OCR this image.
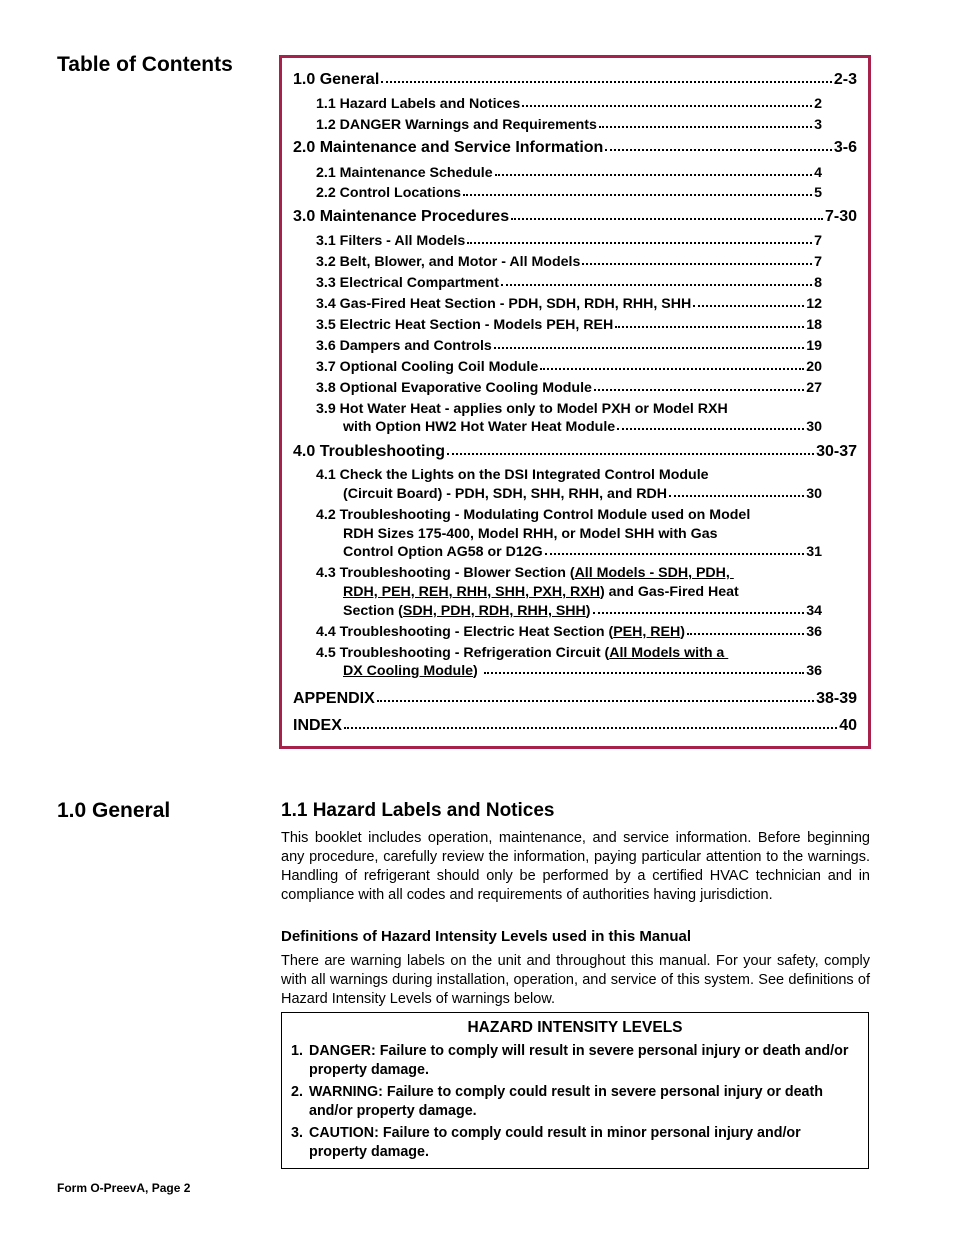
Table of Contents
1.0 General	2-3
1.1 Hazard Labels and Notices	2
1.2 DANGER Warnings and Requirements	3
2.0 Maintenance and Service Information	3-6
2.1 Maintenance Schedule	4
2.2 Control Locations	5
3.0 Maintenance Procedures	7-30
3.1 Filters - All Models	7
3.2 Belt, Blower, and Motor - All Models	7
3.3 Electrical Compartment	8
3.4 Gas-Fired Heat Section - PDH, SDH, RDH, RHH, SHH	12
3.5 Electric Heat Section - Models PEH, REH	18
3.6 Dampers and Controls	19
3.7 Optional Cooling Coil Module	20
3.8 Optional Evaporative Cooling Module	27
3.9 Hot Water Heat - applies only to Model PXH or Model RXH
with Option HW2 Hot Water Heat Module	30
4.0 Troubleshooting	30-37
4.1 Check the Lights on the DSI Integrated Control Module
(Circuit Board) - PDH, SDH, SHH, RHH, and RDH	30
4.2 Troubleshooting - Modulating Control Module used on Model
RDH Sizes 175-400, Model RHH, or Model SHH with Gas
Control Option AG58 or D12G	31
4.3 Troubleshooting - Blower Section ( All Models - SDH, PDH,
RDH, PEH, REH, RHH, SHH, PXH, RXH ) and Gas-Fired Heat
Section ( SDH, PDH, RDH, RHH, SHH )	34
4.4 Troubleshooting - Electric Heat Section ( PEH, REH )	36
4.5 Troubleshooting - Refrigeration Circuit ( All Models with a
DX Cooling Module )	36
APPENDIX	38-39
INDEX	40
1.0 General	1.1 Hazard Labels and Notices

This booklet includes operation, maintenance, and service information. Before beginning any procedure, carefully review the information, paying particular attention to the warnings. Handling of refrigerant should only be performed by a certified HVAC technician and in compliance with all codes and requirements of authorities having jurisdiction.

Definitions of Hazard Intensity Levels used in this Manual

There are warning labels on the unit and throughout this manual. For your safety, comply with all warnings during installation, operation, and service of this system. See definitions of Hazard Intensity Levels of warnings below.

HAZARD INTENSITY LEVELS
1. DANGER: Failure to comply will result in severe personal injury or death and/or property damage.
2. WARNING: Failure to comply could result in severe personal injury or death and/or property damage.
3. CAUTION: Failure to comply could result in minor personal injury and/or property damage.
Form O-PreevA, Page 2
